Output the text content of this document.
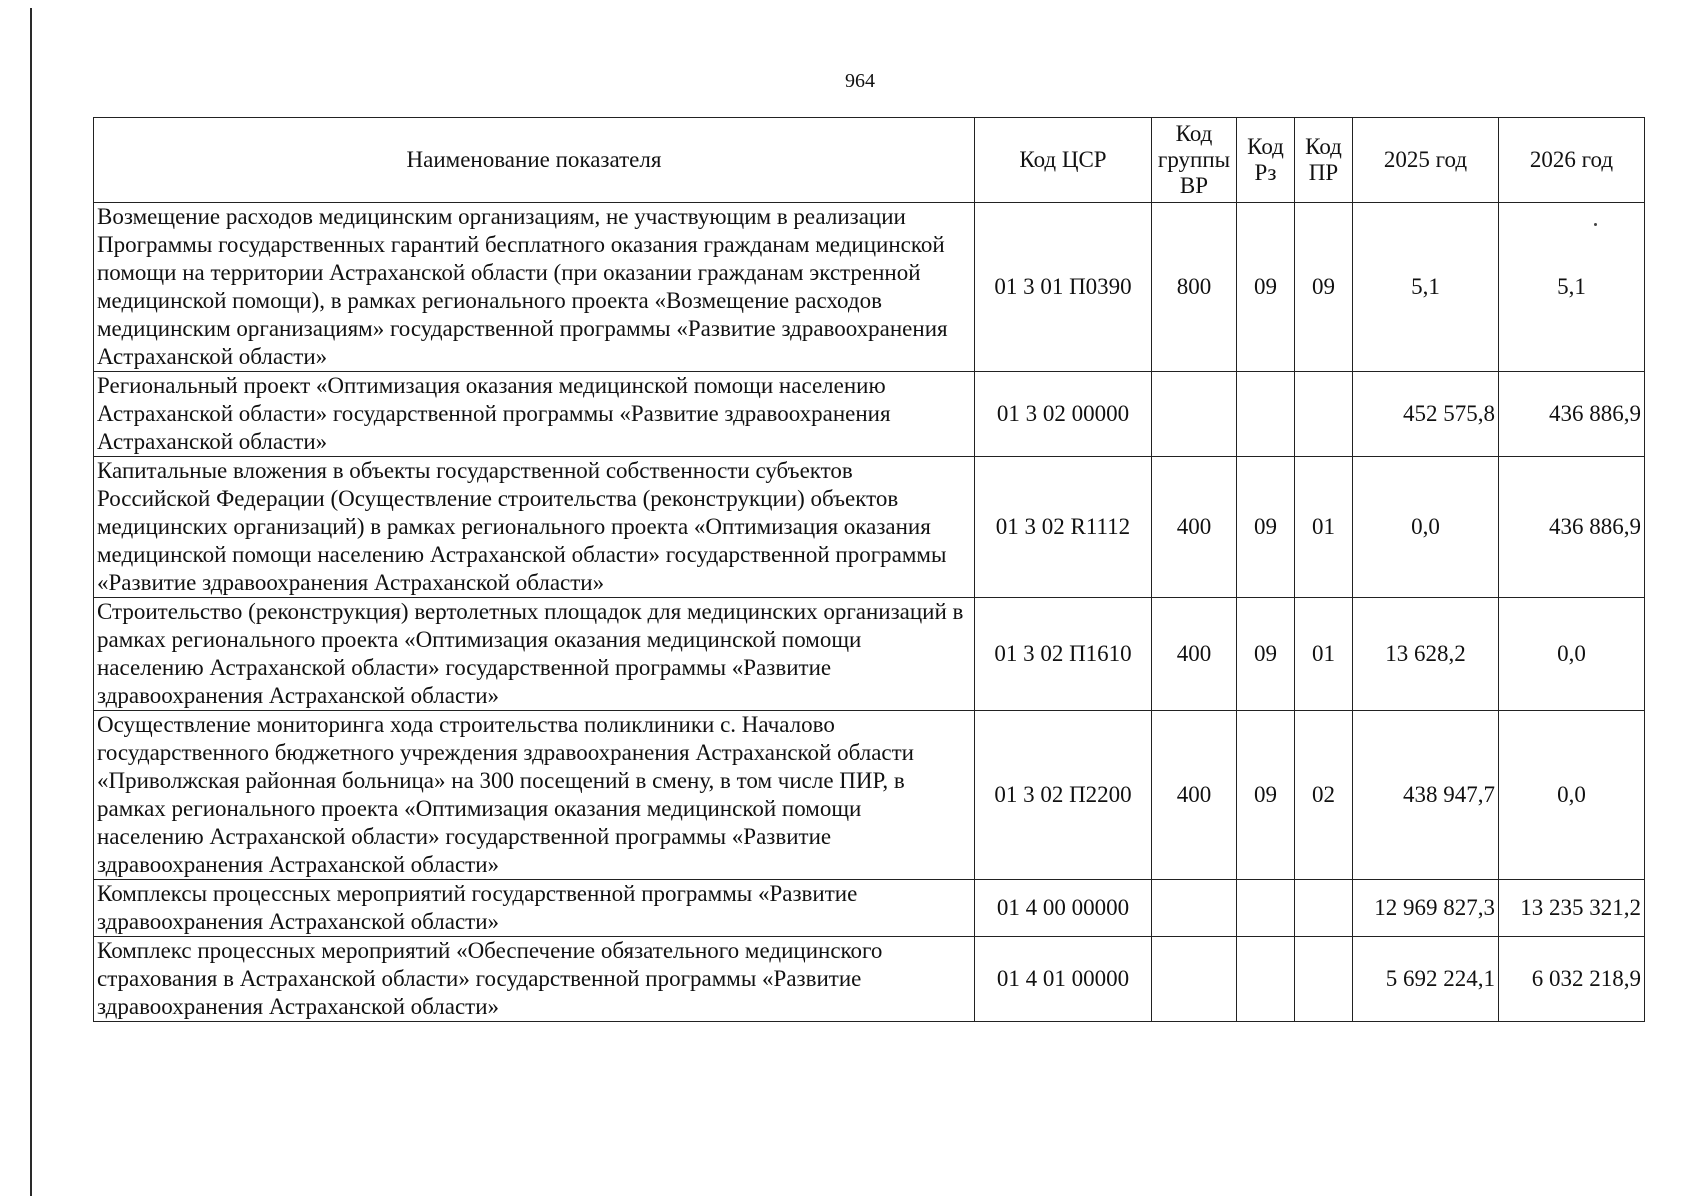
964
Наименование показателя	Код ЦСР	Код группы ВР	Код Рз	Код ПР	2025 год	2026 год
Возмещение расходов медицинским организациям, не участвующим в реализации Программы государственных гарантий бесплатного оказания гражданам медицинской помощи на территории Астраханской области (при оказании гражданам экстренной медицинской помощи), в рамках регионального проекта «Возмещение расходов медицинским организациям» государственной программы «Развитие здравоохранения Астраханской области»	01 3 01 П0390	800	09	09	5,1	5,1
Региональный проект «Оптимизация оказания медицинской помощи населению Астраханской области» государственной программы «Развитие здравоохранения Астраханской области»	01 3 02 00000				452 575,8	436 886,9
Капитальные вложения в объекты государственной собственности субъектов Российской Федерации (Осуществление строительства (реконструкции) объектов медицинских организаций) в рамках регионального проекта «Оптимизация оказания медицинской помощи населению Астраханской области» государственной программы «Развитие здравоохранения Астраханской области»	01 3 02 R1112	400	09	01	0,0	436 886,9
Строительство (реконструкция) вертолетных площадок для медицинских организаций в рамках регионального проекта «Оптимизация оказания медицинской помощи населению Астраханской области» государственной программы «Развитие здравоохранения Астраханской области»	01 3 02 П1610	400	09	01	13 628,2	0,0
Осуществление мониторинга хода строительства поликлиники с. Началово государственного бюджетного учреждения здравоохранения Астраханской области «Приволжская районная больница» на 300 посещений в смену, в том числе ПИР, в рамках регионального проекта «Оптимизация оказания медицинской помощи населению Астраханской области» государственной программы «Развитие здравоохранения Астраханской области»	01 3 02 П2200	400	09	02	438 947,7	0,0
Комплексы процессных мероприятий государственной программы «Развитие здравоохранения Астраханской области»	01 4 00 00000				12 969 827,3	13 235 321,2
Комплекс процессных мероприятий «Обеспечение обязательного медицинского страхования в Астраханской области» государственной программы «Развитие здравоохранения Астраханской области»	01 4 01 00000				5 692 224,1	6 032 218,9
